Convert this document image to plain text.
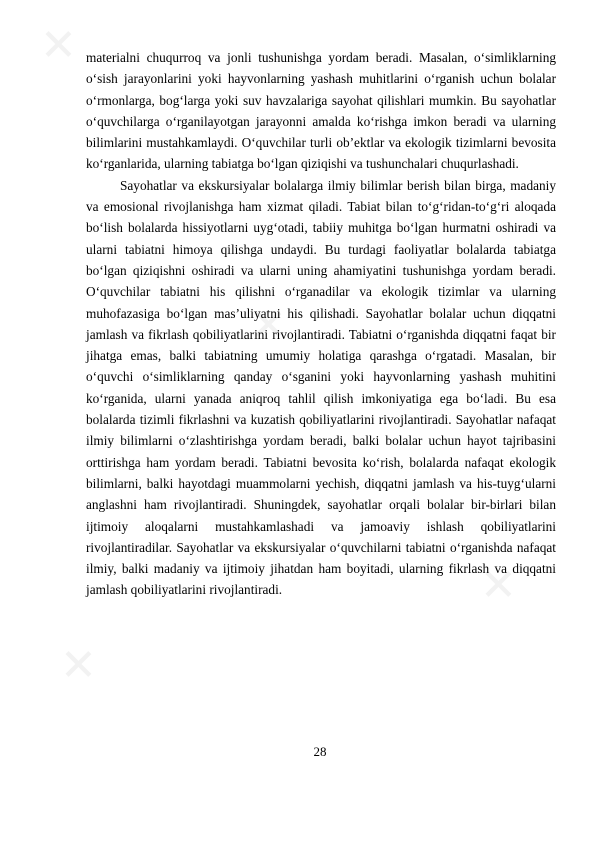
✕
✕
✕
✕

materialni chuqurroq va jonli tushunishga yordam beradi. Masalan, o‘simliklarning o‘sish jarayonlarini yoki hayvonlarning yashash muhitlarini o‘rganish uchun bolalar o‘rmonlarga, bog‘larga yoki suv havzalariga sayohat qilishlari mumkin. Bu sayohatlar o‘quvchilarga o‘rganilayotgan jarayonni amalda ko‘rishga imkon beradi va ularning bilimlarini mustahkamlaydi. O‘quvchilar turli ob’ektlar va ekologik tizimlarni bevosita ko‘rganlarida, ularning tabiatga bo‘lgan qiziqishi va tushunchalari chuqurlashadi.

Sayohatlar va ekskursiyalar bolalarga ilmiy bilimlar berish bilan birga, madaniy va emosional rivojlanishga ham xizmat qiladi. Tabiat bilan to‘g‘ridan-to‘g‘ri aloqada bo‘lish bolalarda hissiyotlarni uyg‘otadi, tabiiy muhitga bo‘lgan hurmatni oshiradi va ularni tabiatni himoya qilishga undaydi. Bu turdagi faoliyatlar bolalarda tabiatga bo‘lgan qiziqishni oshiradi va ularni uning ahamiyatini tushunishga yordam beradi. O‘quvchilar tabiatni his qilishni o‘rganadilar va ekologik tizimlar va ularning muhofazasiga bo‘lgan mas’uliyatni his qilishadi. Sayohatlar bolalar uchun diqqatni jamlash va fikrlash qobiliyatlarini rivojlantiradi. Tabiatni o‘rganishda diqqatni faqat bir jihatga emas, balki tabiatning umumiy holatiga qarashga o‘rgatadi. Masalan, bir o‘quvchi o‘simliklarning qanday o‘sganini yoki hayvonlarning yashash muhitini ko‘rganida, ularni yanada aniqroq tahlil qilish imkoniyatiga ega bo‘ladi. Bu esa bolalarda tizimli fikrlashni va kuzatish qobiliyatlarini rivojlantiradi. Sayohatlar nafaqat ilmiy bilimlarni o‘zlashtirishga yordam beradi, balki bolalar uchun hayot tajribasini orttirishga ham yordam beradi. Tabiatni bevosita ko‘rish, bolalarda nafaqat ekologik bilimlarni, balki hayotdagi muammolarni yechish, diqqatni jamlash va his-tuyg‘ularni anglashni ham rivojlantiradi. Shuningdek, sayohatlar orqali bolalar bir-birlari bilan ijtimoiy aloqalarni mustahkamlashadi va jamoaviy ishlash qobiliyatlarini rivojlantiradilar. Sayohatlar va ekskursiyalar o‘quvchilarni tabiatni o‘rganishda nafaqat ilmiy, balki madaniy va ijtimoiy jihatdan ham boyitadi, ularning fikrlash va diqqatni jamlash qobiliyatlarini rivojlantiradi.

28
